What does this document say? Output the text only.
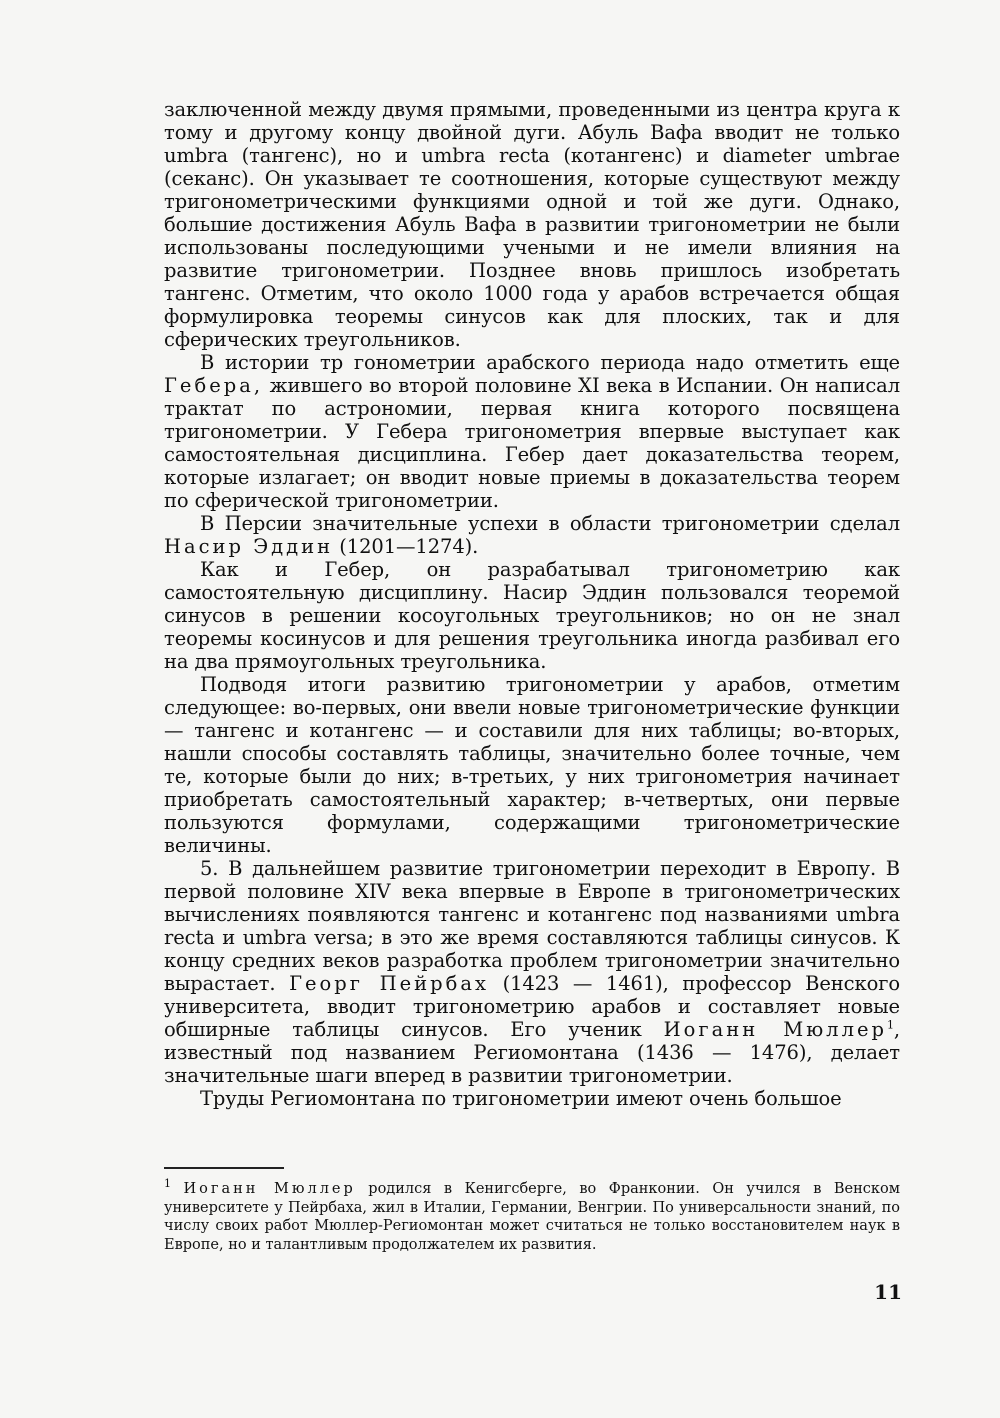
заключенной между двумя прямыми, проведенными из центра круга к тому и другому концу двойной дуги. Абуль Вафа вводит не только umbra (тангенс), но и umbra recta (котангенс) и diameter umbrae (секанс). Он указывает те соотношения, которые существуют между тригонометрическими функциями одной и той же дуги. Однако, большие достижения Абуль Вафа в развитии тригонометрии не были использованы последующими учеными и не имели влияния на развитие тригонометрии. Позднее вновь пришлось изобретать тангенс. Отметим, что около 1000 года у арабов встречается общая формулировка теоремы синусов как для плоских, так и для сферических треугольников.

В истории тр гонометрии арабского периода надо отметить еще Гебера, жившего во второй половине XI века в Испании. Он написал трактат по астрономии, первая книга которого посвящена тригонометрии. У Гебера тригонометрия впервые выступает как самостоятельная дисциплина. Гебер дает доказательства теорем, которые излагает; он вводит новые приемы в доказательства теорем по сферической тригонометрии.

В Персии значительные успехи в области тригонометрии сделал Насир Эддин (1201—1274).

Как и Гебер, он разрабатывал тригонометрию как самостоятельную дисциплину. Насир Эддин пользовался теоремой синусов в решении косоугольных треугольников; но он не знал теоремы косинусов и для решения треугольника иногда разбивал его на два прямоугольных треугольника.

Подводя итоги развитию тригонометрии у арабов, отметим следующее: во-первых, они ввели новые тригонометрические функции — тангенс и котангенс — и составили для них таблицы; во-вторых, нашли способы составлять таблицы, значительно более точные, чем те, которые были до них; в-третьих, у них тригонометрия начинает приобретать самостоятельный характер; в-четвертых, они первые пользуются формулами, содержащими тригонометрические величины.

5. В дальнейшем развитие тригонометрии переходит в Европу. В первой половине XIV века впервые в Европе в тригонометрических вычислениях появляются тангенс и котангенс под названиями umbra recta и umbra versa; в это же время составляются таблицы синусов. К концу средних веков разработка проблем тригонометрии значительно вырастает. Георг Пейрбах (1423 — 1461), профессор Венского университета, вводит тригонометрию арабов и составляет новые обширные таблицы синусов. Его ученик Иоганн Мюллер$^1$, известный под названием Региомонтана (1436 — 1476), делает значительные шаги вперед в развитии тригонометрии.

Труды Региомонтана по тригонометрии имеют очень большое

$^1$ Иоганн Мюллер родился в Кенигсберге, во Франконии. Он учился в Венском университете у Пейрбаха, жил в Италии, Германии, Венгрии. По универсальности знаний, по числу своих работ Мюллер-Региомонтан может считаться не только восстановителем наук в Европе, но и талантливым продолжателем их развития.
11
